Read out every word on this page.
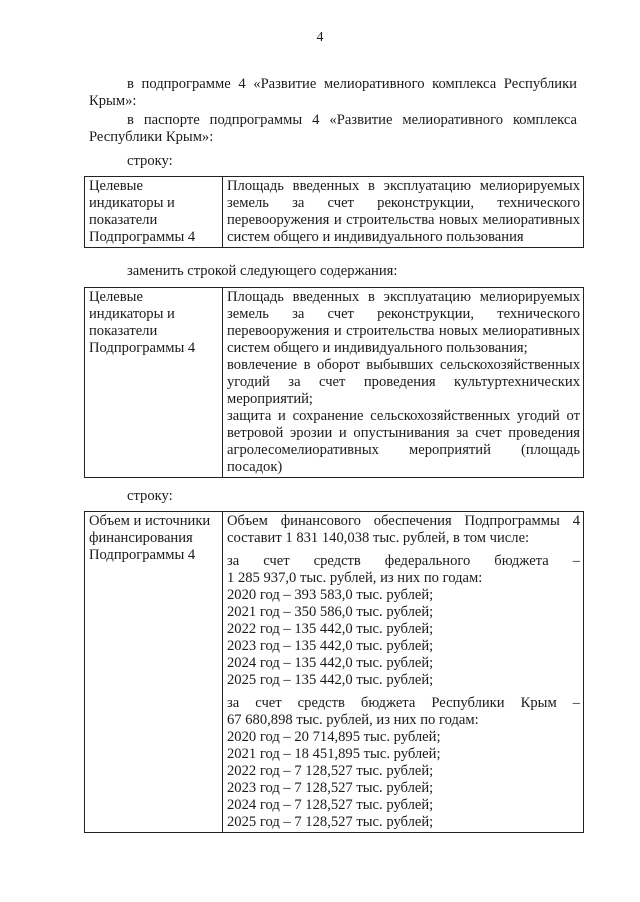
4
в подпрограмме 4 «Развитие мелиоративного комплекса Республики
Крым»:
в паспорте подпрограммы 4 «Развитие мелиоративного комплекса
Республики Крым»:
строку:
Целевые
индикаторы и
показатели
Подпрограммы 4

Площадь введенных в эксплуатацию мелиорируемых
земель за счет реконструкции, технического
перевооружения и строительства новых мелиоративных
систем общего и индивидуального пользования
заменить строкой следующего содержания:
Целевые
индикаторы и
показатели
Подпрограммы 4

Площадь введенных в эксплуатацию мелиорируемых
земель за счет реконструкции, технического
перевооружения и строительства новых мелиоративных
систем общего и индивидуального пользования;
вовлечение в оборот выбывших сельскохозяйственных
угодий за счет проведения культуртехнических
мероприятий;
защита и сохранение сельскохозяйственных угодий от
ветровой эрозии и опустынивания за счет проведения
агролесомелиоративных мероприятий (площадь
посадок)
строку:
Объем и источники
финансирования
Подпрограммы 4

Объем финансового обеспечения Подпрограммы 4
составит 1 831 140,038 тыс. рублей, в том числе:
за счет средств федерального бюджета –
1 285 937,0 тыс. рублей, из них по годам:
2020 год – 393 583,0 тыс. рублей;
2021 год – 350 586,0 тыс. рублей;
2022 год – 135 442,0 тыс. рублей;
2023 год – 135 442,0 тыс. рублей;
2024 год – 135 442,0 тыс. рублей;
2025 год – 135 442,0 тыс. рублей;
за счет средств бюджета Республики Крым –
67 680,898 тыс. рублей, из них по годам:
2020 год – 20 714,895 тыс. рублей;
2021 год – 18 451,895 тыс. рублей;
2022 год – 7 128,527 тыс. рублей;
2023 год – 7 128,527 тыс. рублей;
2024 год – 7 128,527 тыс. рублей;
2025 год – 7 128,527 тыс. рублей;
